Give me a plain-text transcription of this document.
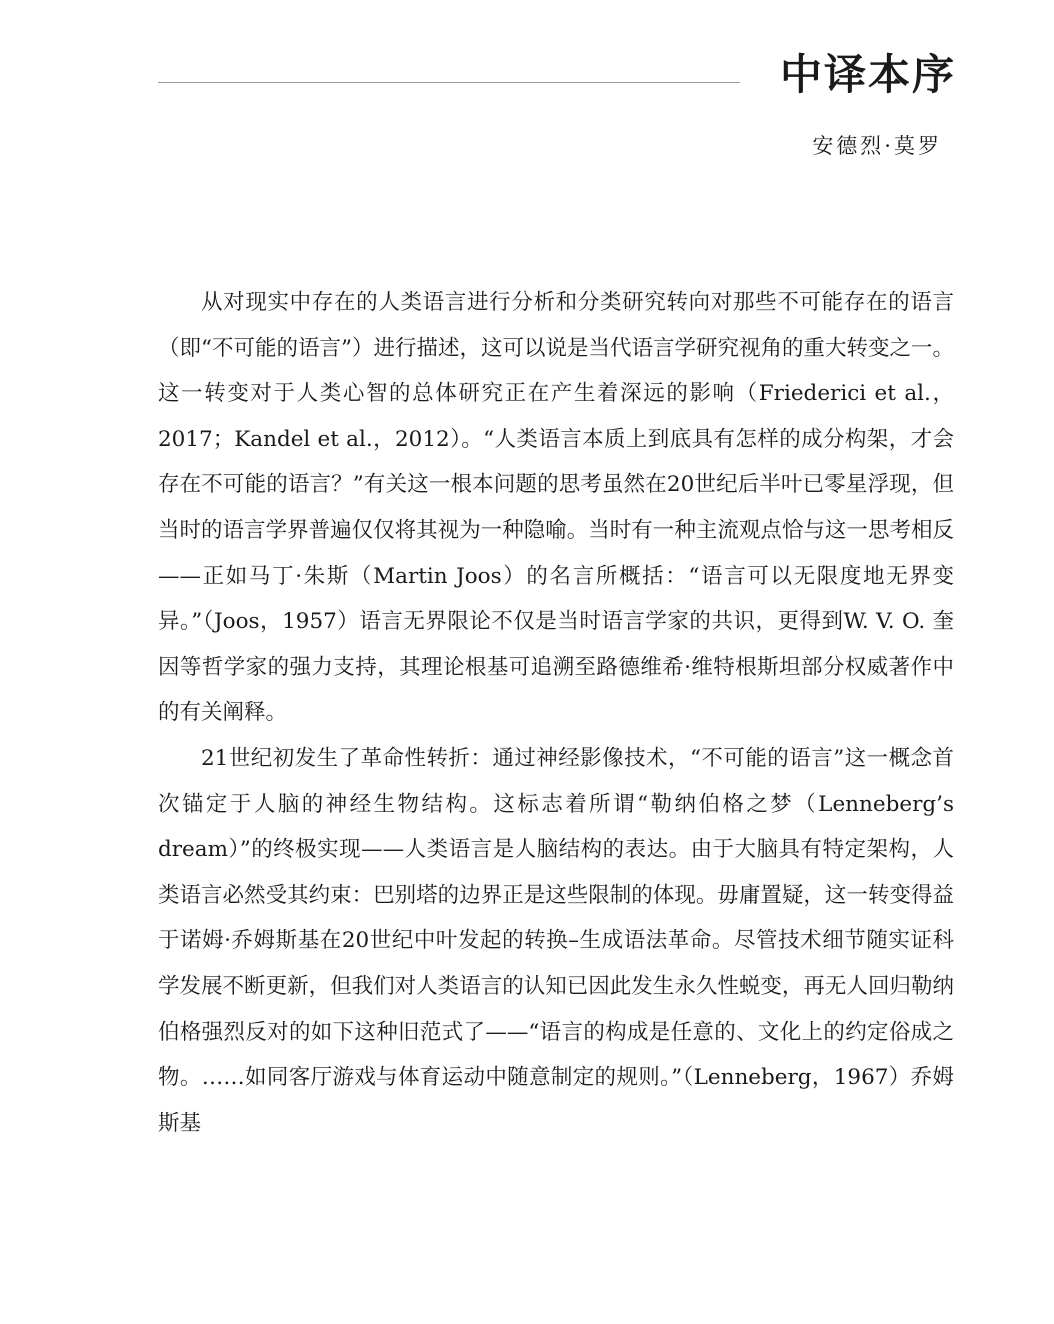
中译本序
安德烈·莫罗

从对现实中存在的人类语言进行分析和分类研究转向对那些不可能存在的语言（即“不可能的语言”）进行描述，这可以说是当代语言学研究视角的重大转变之一。这一转变对于人类心智的总体研究正在产生着深远的影响（Friederici et al.，2017；Kandel et al.，2012）。“人类语言本质上到底具有怎样的成分构架，才会存在不可能的语言？”有关这一根本问题的思考虽然在20世纪后半叶已零星浮现，但当时的语言学界普遍仅仅将其视为一种隐喻。当时有一种主流观点恰与这一思考相反——正如马丁·朱斯（Martin Joos）的名言所概括：“语言可以无限度地无界变异。”（Joos，1957）语言无界限论不仅是当时语言学家的共识，更得到W. V. O. 奎因等哲学家的强力支持，其理论根基可追溯至路德维希·维特根斯坦部分权威著作中的有关阐释。

21世纪初发生了革命性转折：通过神经影像技术，“不可能的语言”这一概念首次锚定于人脑的神经生物结构。这标志着所谓“勒纳伯格之梦（Lenneberg’s dream）”的终极实现——人类语言是人脑结构的表达。由于大脑具有特定架构，人类语言必然受其约束：巴别塔的边界正是这些限制的体现。毋庸置疑，这一转变得益于诺姆·乔姆斯基在20世纪中叶发起的转换–生成语法革命。尽管技术细节随实证科学发展不断更新，但我们对人类语言的认知已因此发生永久性蜕变，再无人回归勒纳伯格强烈反对的如下这种旧范式了——“语言的构成是任意的、文化上的约定俗成之物。……如同客厅游戏与体育运动中随意制定的规则。”（Lenneberg，1967）乔姆斯基
